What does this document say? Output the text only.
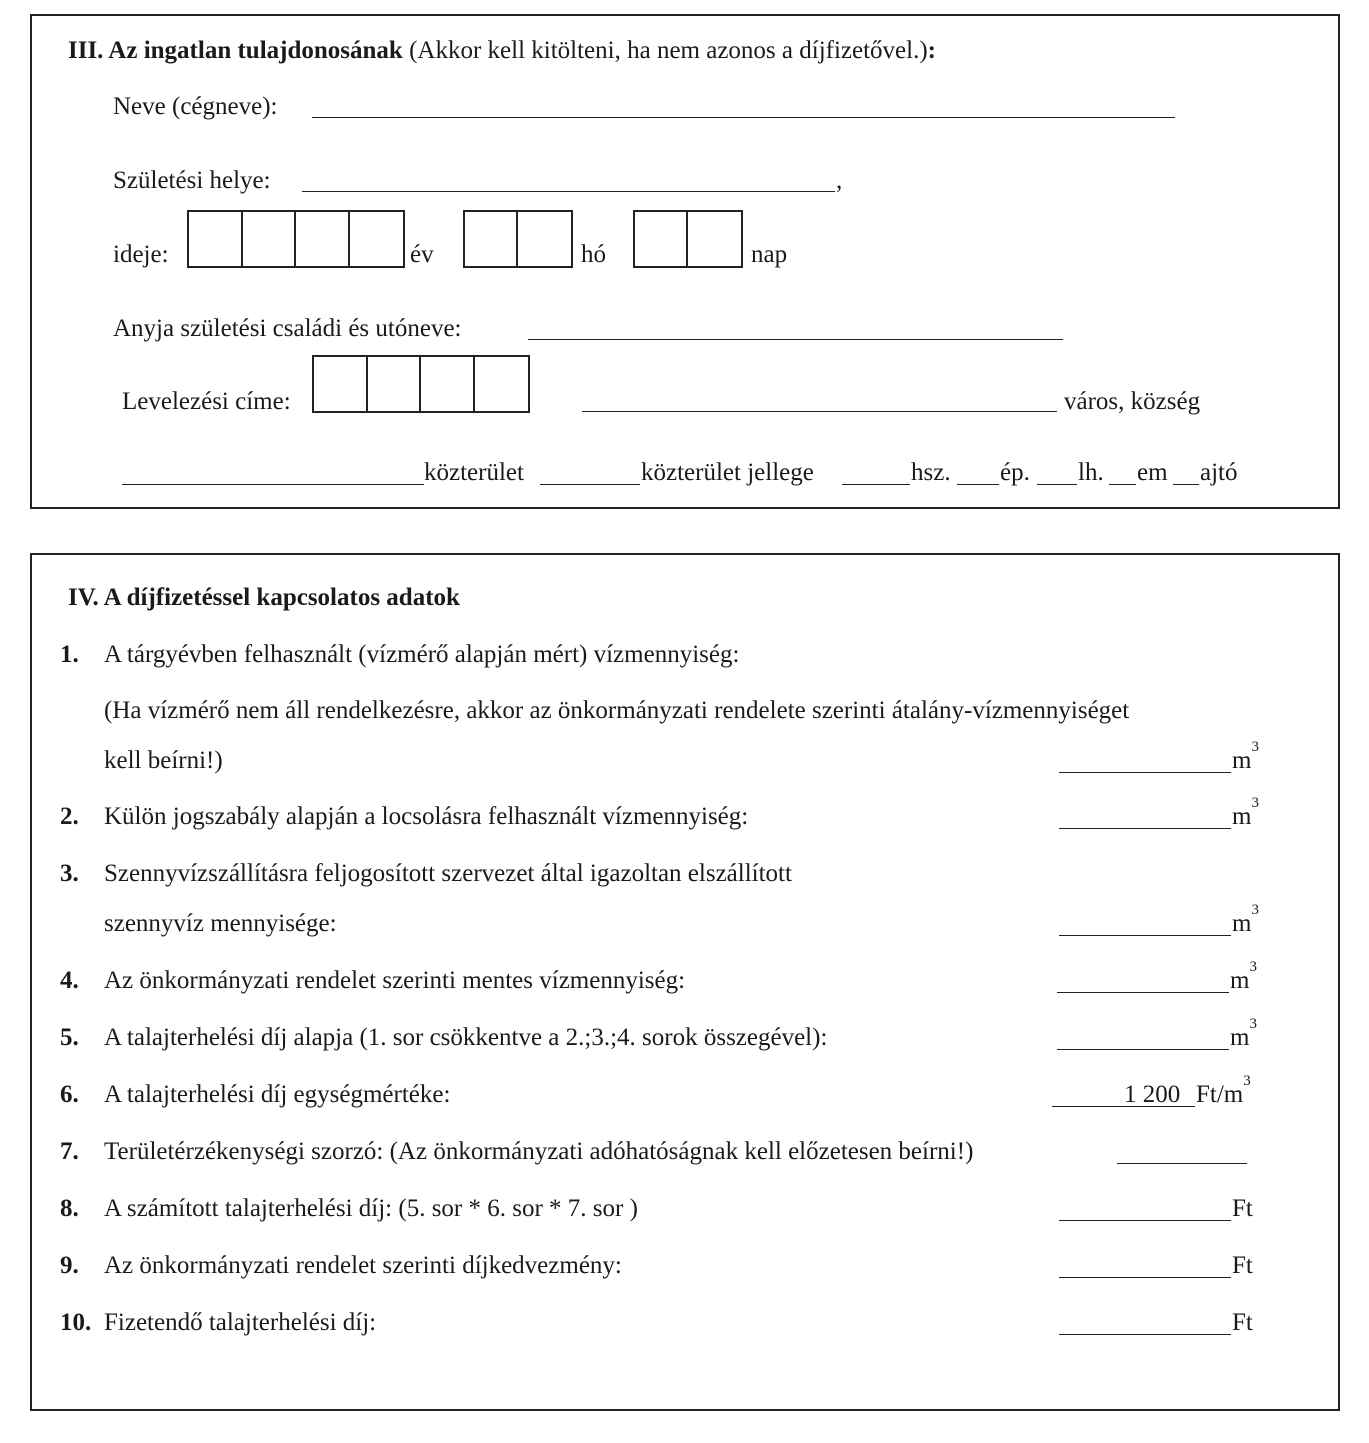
III. Az ingatlan tulajdonosának (Akkor kell kitölteni, ha nem azonos a díjfizetővel.):
Neve (cégneve):
Születési helye:	,
ideje:	év	hó	nap
Anyja születési családi és utóneve:
Levelezési címe:	város, község
közterület	közterület jellege	hsz. ép. lh. em ajtó
IV. A díjfizetéssel kapcsolatos adatok
1. A tárgyévben felhasznált (vízmérő alapján mért) vízmennyiség:
(Ha vízmérő nem áll rendelkezésre, akkor az önkormányzati rendelete szerinti átalány-vízmennyiséget
kell beírni!)	$m^3$
2. Külön jogszabály alapján a locsolásra felhasznált vízmennyiség:	$m^3$
3. Szennyvízszállításra feljogosított szervezet által igazoltan elszállított
szennyvíz mennyisége:	$m^3$
4. Az önkormányzati rendelet szerinti mentes vízmennyiség:	$m^3$
5. A talajterhelési díj alapja (1. sor csökkentve a 2.;3.;4. sorok összegével):	$m^3$
6. A talajterhelési díj egységmértéke:	1 200 $Ft/m^3$
7. Területérzékenységi szorzó: (Az önkormányzati adóhatóságnak kell előzetesen beírni!)
8. A számított talajterhelési díj: (5. sor * 6. sor * 7. sor )	Ft
9. Az önkormányzati rendelet szerinti díjkedvezmény:	Ft
10. Fizetendő talajterhelési díj:	Ft
